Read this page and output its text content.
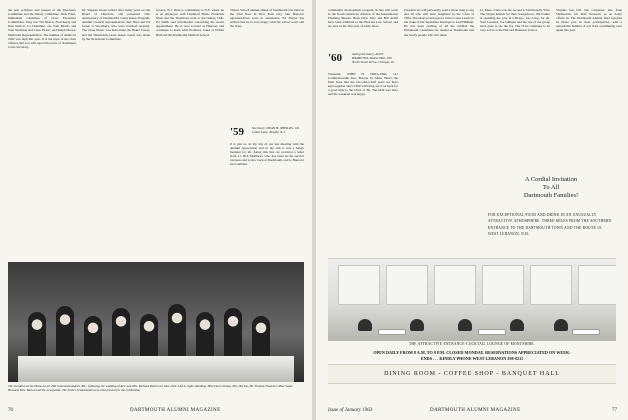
the past activities and present of the Executive Committee and the library committee. Dick Fried, Immediate Chairman of Class Executive Committees. They are: Ted Morris, Fred Keely and Dan Nelson, Co-Chairmen, are Tom Morris and Tom Nutrition and Class Picnic; and Ralph Moore, Memorial Representative. The number of deaths in 1962 was high this year. It is the hope of the class officers that you will report the news of classmates to the Secretary.

Dr. Stepben Green retired after many years on the Board of Directors, and presented 13th Anniversary of Dartmouth's Great Issues Program. Alumni Council representatives met. Hart and Ed Green at Woodbury, who were received recently. The Class Picnic was held under the Baker Tower, and the Dartmouth Great Issues report was made by the Newsletter Committee.

Greece, N.J. Dick is commuting to N.Y. where he is an employee with Chemical Bank. Frederick Mote and the Thomsons went to the Outing Club. Ed Smith sent information concerning his recent appointment. He is now located at Hanover and continues to teach with Professor Jones at Wilder Hall and the Dartmouth Medical School.

Thayer School alumni dinner of Dartmouth was held on the 23rd floor in New York City. Our Hanover representatives were in attendance. Ed Thayer has written that he is very happy with the school work and the class.

'59 Secretary: DEAN H. SHEILDS, 161 Cabot Lane, Tenafly, N.J.

It is just so. In my day of our last meeting with the Alumni Association and in my talk it was a happy moment for all. Along this line we received a letter from Lt. Bob Matthews who has been in the service overseas and is now back at Dartmouth, and to Hanover next summer.

The reception at the Home on the Hill in Kennebunkport, Me., following the wedding of Rev. and Mrs. Richard Burton on June 23rd. Left to right, standing: Miss Doris Stroup, Mrs. Burton, Mr. Thomas Thatcher, Miss Susan Howard, Mrs. Burton and the newlyweds. The bride's bridesmaids were also present for the celebration.
76	DARTMOUTH ALUMNI MAGAZINE

community development program. Scotty will work in the North American division of the International Planning Bureau. Both Dick Jolly and Bill Ardill have been admitted to the Harvard Law School and are now in the first year of study there.

'60	Acting Secretary, ALEX HAMILTON, Bethel Hall, 339 North Shore Drive, Chicago, Ill.

Treasurer, JOHN H. HOLLAND, 141 Commonwealth Ave., Boston 15, Mass. Here's the final hope that the two-and-a-half years we have kept together since 1960 will bring all of us back for a good time to the Class of '60. The Mall was busy and the weekend was happy.

Freedom, he will personally send a silver mug to any and all who will have daughters in the Class of 1984. The latest proud papa to write is Gus Leach, in the wake of his September marriage to Gail Hillman. He has been reading of all the rubbish the Dartmouth Canadians are treated at Dartmouth and the lovely people who live there.

Lt. Mass. Class was the second to Dartmouth's Yale. The Virgin Islands for their honeymoon. Jim Parker is spending the year in Chicago. Lee Long, for all. Tom Leonard, Joe Gilligan and the rest of the group have gone to see the Ivy. The Class continues to be very active at the Harvard Business School.

Virginia last fall. Jim Carpenter, also from Shelbourne, Dr. Rolf Newsom, as an Army officer in. The Dartmouth Alumni fund reported its finest year in class participation, with a remarkable number of our class contributing over again this year.

A Cordial Invitation
To All
Dartmouth Families!
FOR EXCEPTIONAL FOOD AND DRINK IN AN UNUSUALLY ATTRACTIVE ATMOSPHERE. THREE MILES FROM THE SOUTHERN ENTRANCE TO THE DARTMOUTH TOWN AND THE ROUTE 10, WEST LEBANON, N.H.
THE ATTRACTIVE ENTRANCE-COCKTAIL LOUNGE OF MONTSHIRE.
OPEN DAILY FROM 8 A.M. TO 9 P.M. CLOSED MONDAY. RESERVATIONS APPRECIATED ON WEEK-
ENDS . . . KINDLY PHONE WEST LEBANON 298-8211
DINING ROOM - COFFEE SHOP - BANQUET HALL
Issue of January 1963	DARTMOUTH ALUMNI MAGAZINE	77
